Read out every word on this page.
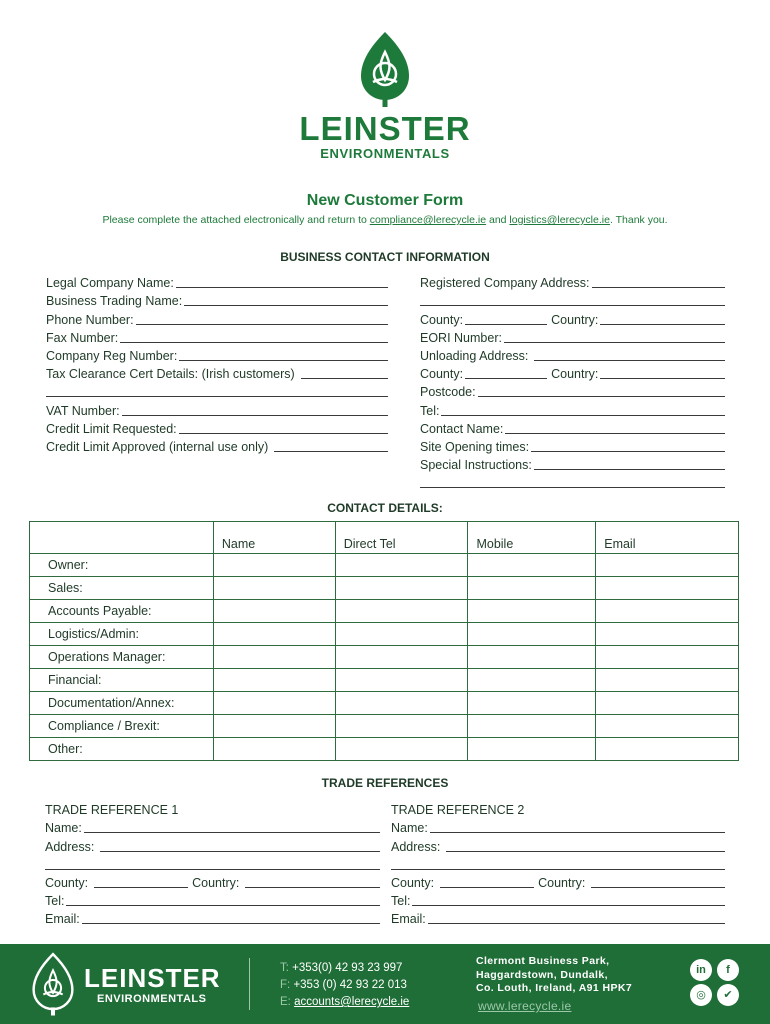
LEINSTER
ENVIRONMENTALS
New Customer Form
Please complete the attached electronically and return to compliance@lerecycle.ie and logistics@lerecycle.ie. Thank you.
BUSINESS CONTACT INFORMATION
Legal Company Name:
Business Trading Name:
Phone Number:
Fax Number:
Company Reg Number:
Tax Clearance Cert Details: (Irish customers)
VAT Number:
Credit Limit Requested:
Credit Limit Approved (internal use only)
Registered Company Address:
County:	Country:
EORI Number:
Unloading Address:
County:	Country:
Postcode:
Tel:
Contact Name:
Site Opening times:
Special Instructions:
CONTACT DETAILS:
	Name	Direct Tel	Mobile	Email
Owner:				
Sales:				
Accounts Payable:				
Logistics/Admin:				
Operations Manager:				
Financial:				
Documentation/Annex:				
Compliance / Brexit:				
Other:				
TRADE REFERENCES
TRADE REFERENCE 1
Name:
Address:
County:	Country:
Tel:
Email:
TRADE REFERENCE 2
Name:
Address:
County:	Country:
Tel:
Email:
LEINSTER
ENVIRONMENTALS
T: +353(0) 42 93 23 997
F: +353 (0) 42 93 22 013
E: accounts@lerecycle.ie
Clermont Business Park,
Haggardstown, Dundalk,
Co. Louth, Ireland, A91 HPK7
www.lerecycle.ie
in	f
◎	✔
